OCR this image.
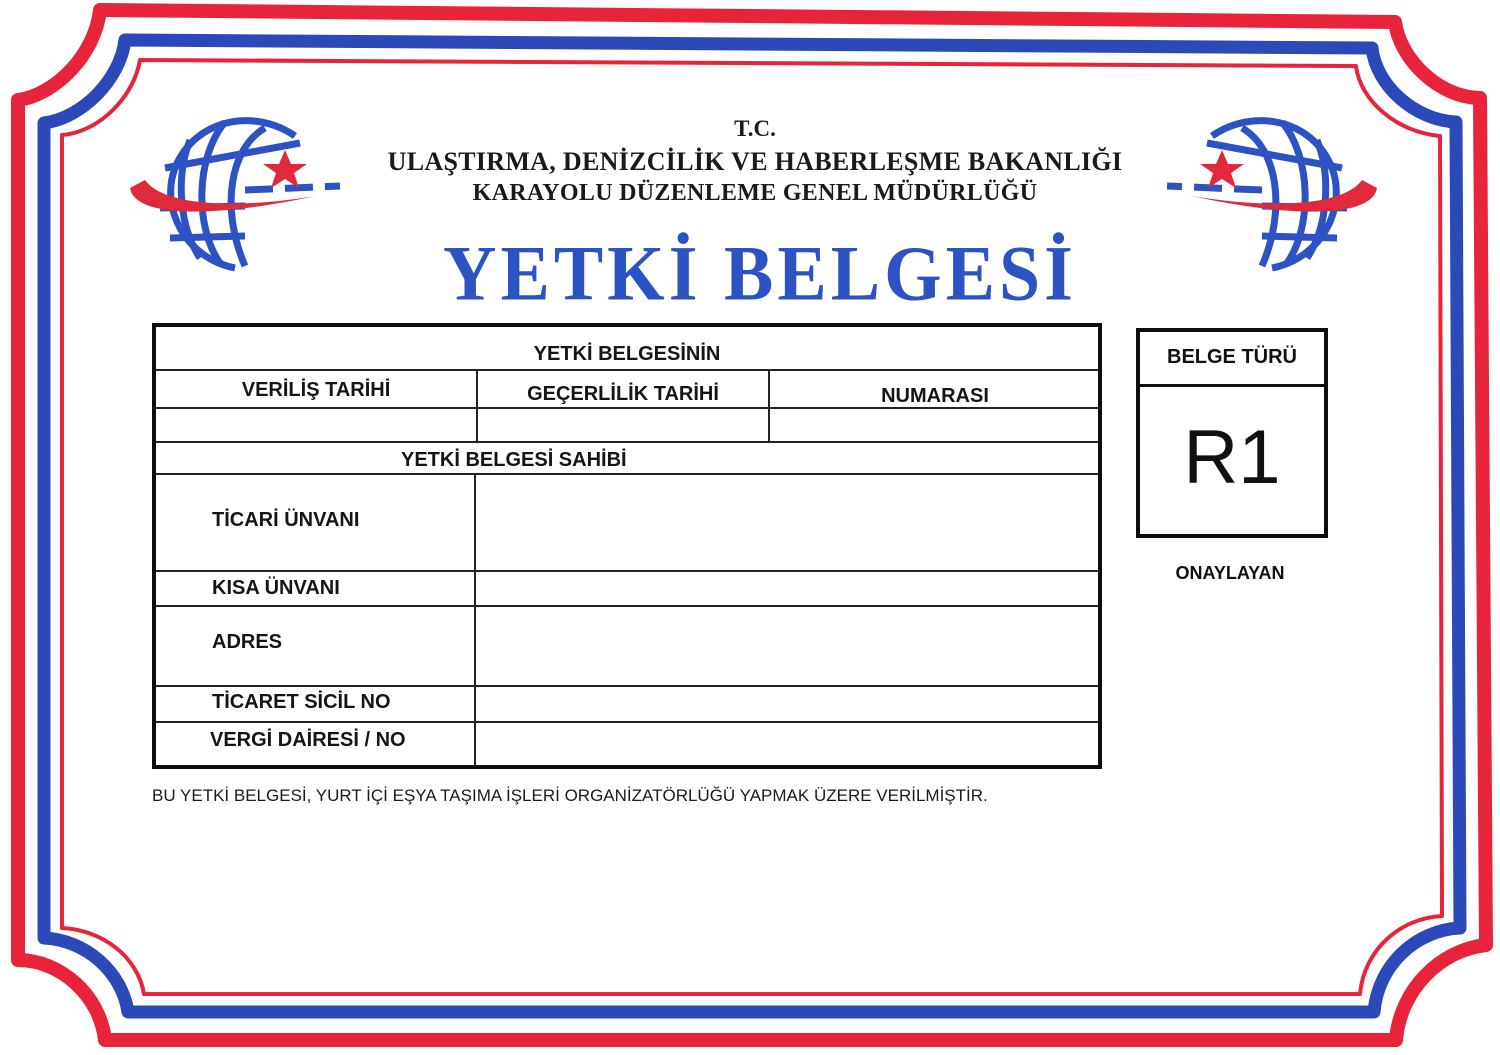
T.C.
ULAŞTIRMA, DENİZCİLİK VE HABERLEŞME BAKANLIĞI
KARAYOLU DÜZENLEME GENEL MÜDÜRLÜĞÜ
YETKİ BELGESİ
YETKİ BELGESİNİN
VERİLİŞ TARİHİ	GEÇERLİLİK TARİHİ	NUMARASI
YETKİ BELGESİ SAHİBİ
TİCARİ ÜNVANI
KISA ÜNVANI
ADRES
TİCARET SİCİL NO
VERGİ DAİRESİ / NO
BELGE TÜRÜ
R1
ONAYLAYAN
BU YETKİ BELGESİ, YURT İÇİ EŞYA TAŞIMA İŞLERİ ORGANİZATÖRLÜĞÜ YAPMAK ÜZERE VERİLMİŞTİR.
